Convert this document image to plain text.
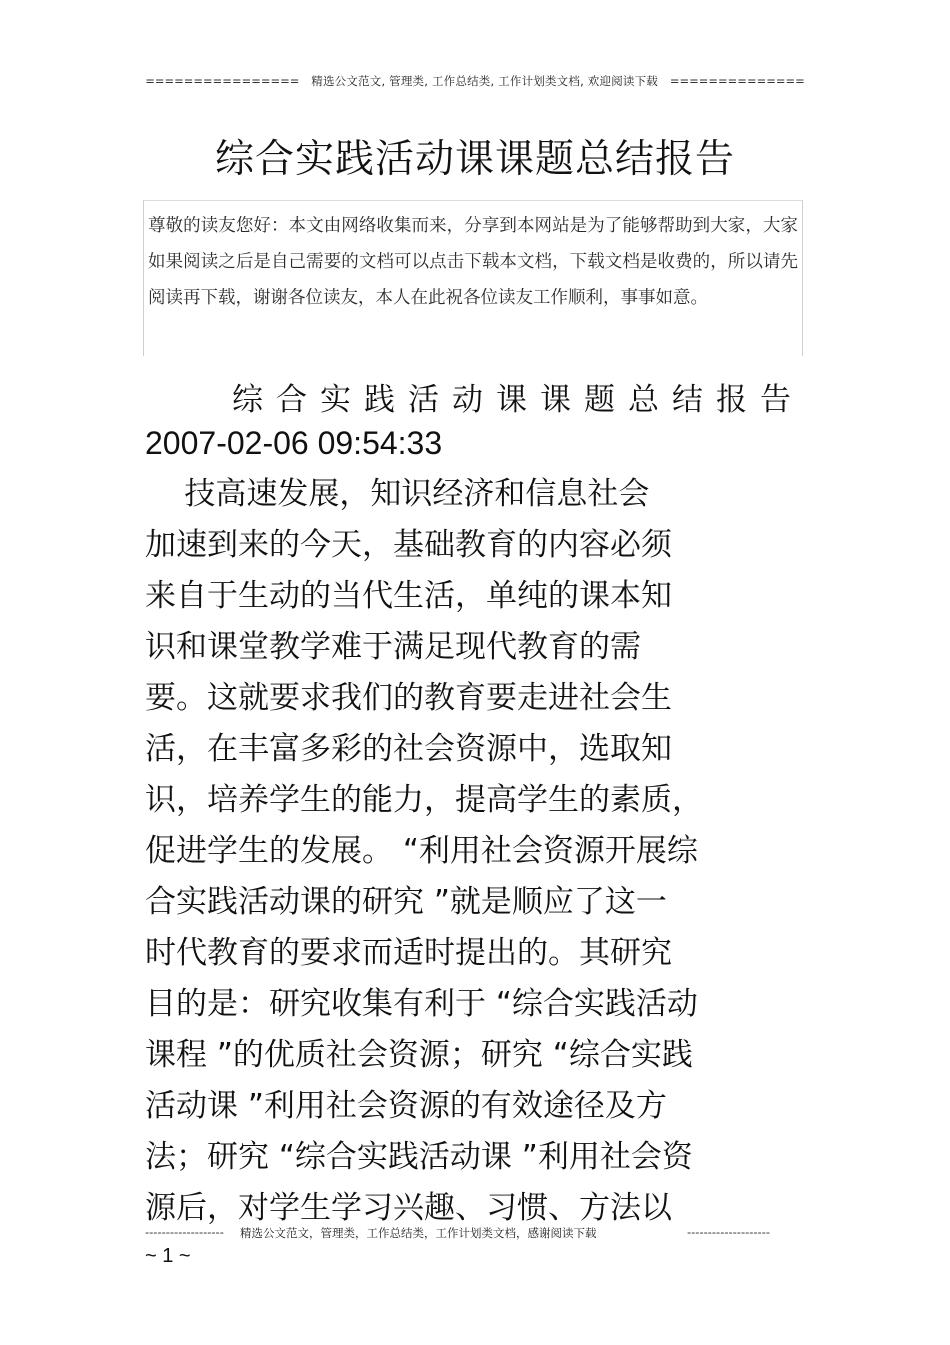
================ 精选公文范文, 管理类, 工作总结类, 工作计划类文档, 欢迎阅读下载 ==============
综合实践活动课课题总结报告
尊敬的读友您好：本文由网络收集而来，分享到本网站是为了能够帮助到大家，大家如果阅读之后是自己需要的文档可以点击下载本文档，下载文档是收费的，所以请先阅读再下载，谢谢各位读友，本人在此祝各位读友工作顺利，事事如意。
综合实践活动课课题总结报告
2007-02-06 09:54:33
技高速发展，知识经济和信息社会
加速到来的今天，基础教育的内容必须
来自于生动的当代生活，单纯的课本知
识和课堂教学难于满足现代教育的需
要。这就要求我们的教育要走进社会生
活，在丰富多彩的社会资源中，选取知
识，培养学生的能力，提高学生的素质，
促进学生的发展。 “利用社会资源开展综
合实践活动课的研究 ”就是顺应了这一
时代教育的要求而适时提出的。其研究
目的是：研究收集有利于 “综合实践活动
课程 ”的优质社会资源；研究 “综合实践
活动课 ”利用社会资源的有效途径及方
法；研究 “综合实践活动课 ”利用社会资
源后，对学生学习兴趣、习惯、方法以
------------------- 精选公文范文，管理类，工作总结类，工作计划类文档，感谢阅读下载	--------------------
~ 1 ~
